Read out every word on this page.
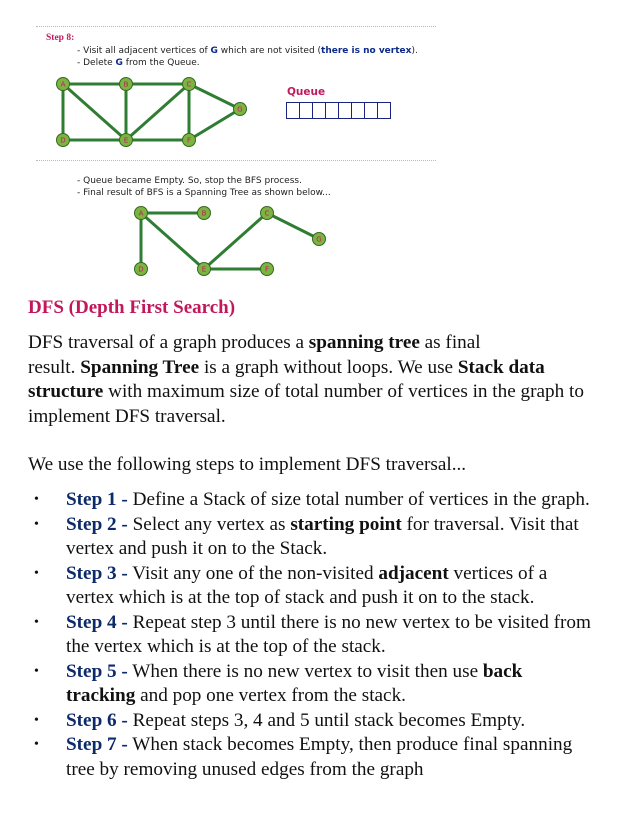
Step 8:
- Visit all adjacent vertices of G which are not visited (there is no vertex).
- Delete G from the Queue.
Queue
- Queue became Empty. So, stop the BFS process.
- Final result of BFS is a Spanning Tree as shown below...
A	B	C
G
D	E	F
A	B	C
G
D	E	F
DFS (Depth First Search)
DFS traversal of a graph produces a spanning tree as final
result. Spanning Tree is a graph without loops. We use Stack data
structure with maximum size of total number of vertices in the graph to
implement DFS traversal.
We use the following steps to implement DFS traversal...
• Step 1 - Define a Stack of size total number of vertices in the graph.
• Step 2 - Select any vertex as starting point for traversal. Visit that
vertex and push it on to the Stack.
• Step 3 - Visit any one of the non-visited adjacent vertices of a
vertex which is at the top of stack and push it on to the stack.
• Step 4 - Repeat step 3 until there is no new vertex to be visited from
the vertex which is at the top of the stack.
• Step 5 - When there is no new vertex to visit then use back
tracking and pop one vertex from the stack.
• Step 6 - Repeat steps 3, 4 and 5 until stack becomes Empty.
• Step 7 - When stack becomes Empty, then produce final spanning
tree by removing unused edges from the graph
